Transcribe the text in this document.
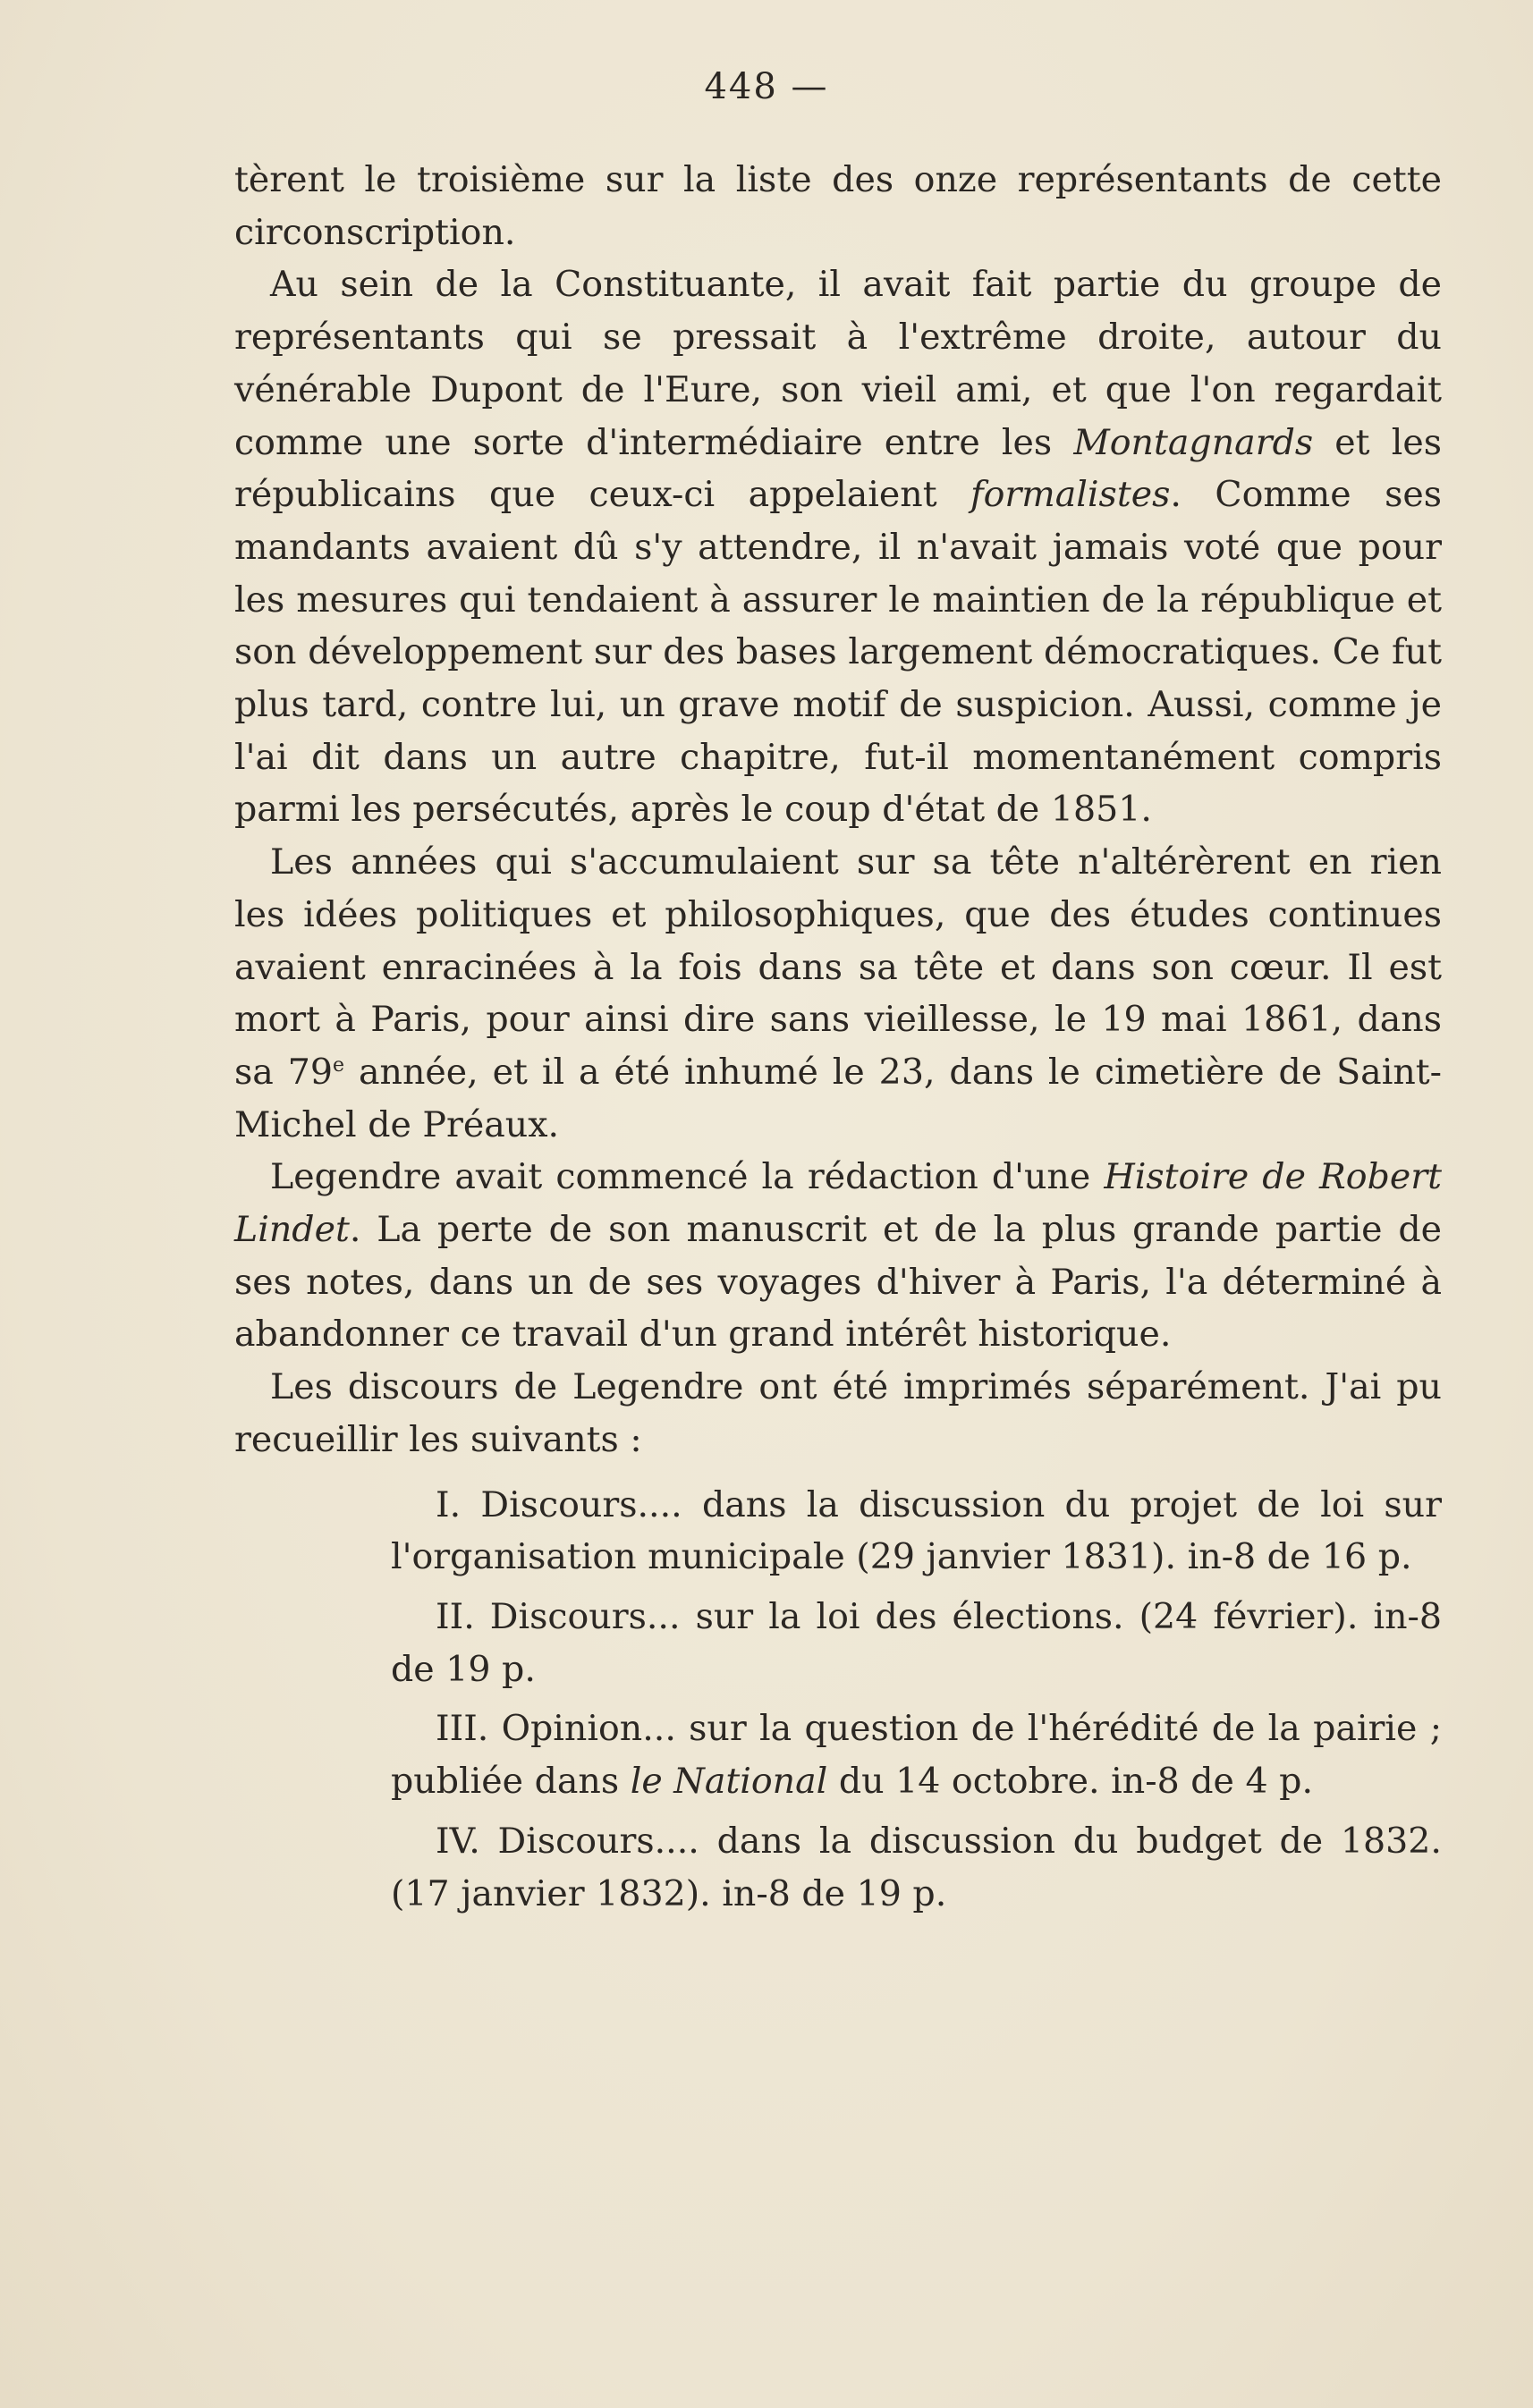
448 —

tèrent le troisième sur la liste des onze représentants de cette circonscription.

Au sein de la Constituante, il avait fait partie du groupe de représentants qui se pressait à l'extrême droite, autour du vénérable Dupont de l'Eure, son vieil ami, et que l'on regardait comme une sorte d'intermédiaire entre les Montagnards et les républicains que ceux-ci appelaient formalistes. Comme ses mandants avaient dû s'y attendre, il n'avait jamais voté que pour les mesures qui tendaient à assurer le maintien de la république et son développement sur des bases largement démocratiques. Ce fut plus tard, contre lui, un grave motif de suspicion. Aussi, comme je l'ai dit dans un autre chapitre, fut-il momentanément compris parmi les persécutés, après le coup d'état de 1851.

Les années qui s'accumulaient sur sa tête n'altérèrent en rien les idées politiques et philosophiques, que des études continues avaient enracinées à la fois dans sa tête et dans son cœur. Il est mort à Paris, pour ainsi dire sans vieillesse, le 19 mai 1861, dans sa 79e année, et il a été inhumé le 23, dans le cimetière de Saint-Michel de Préaux.

Legendre avait commencé la rédaction d'une Histoire de Robert Lindet. La perte de son manuscrit et de la plus grande partie de ses notes, dans un de ses voyages d'hiver à Paris, l'a déterminé à abandonner ce travail d'un grand intérêt historique.

Les discours de Legendre ont été imprimés séparément. J'ai pu recueillir les suivants :

I. Discours.... dans la discussion du projet de loi sur l'organisation municipale (29 janvier 1831). in-8 de 16 p.

II. Discours... sur la loi des élections. (24 février). in-8 de 19 p.

III. Opinion... sur la question de l'hérédité de la pairie ; publiée dans le National du 14 octobre. in-8 de 4 p.

IV. Discours.... dans la discussion du budget de 1832. (17 janvier 1832). in-8 de 19 p.
